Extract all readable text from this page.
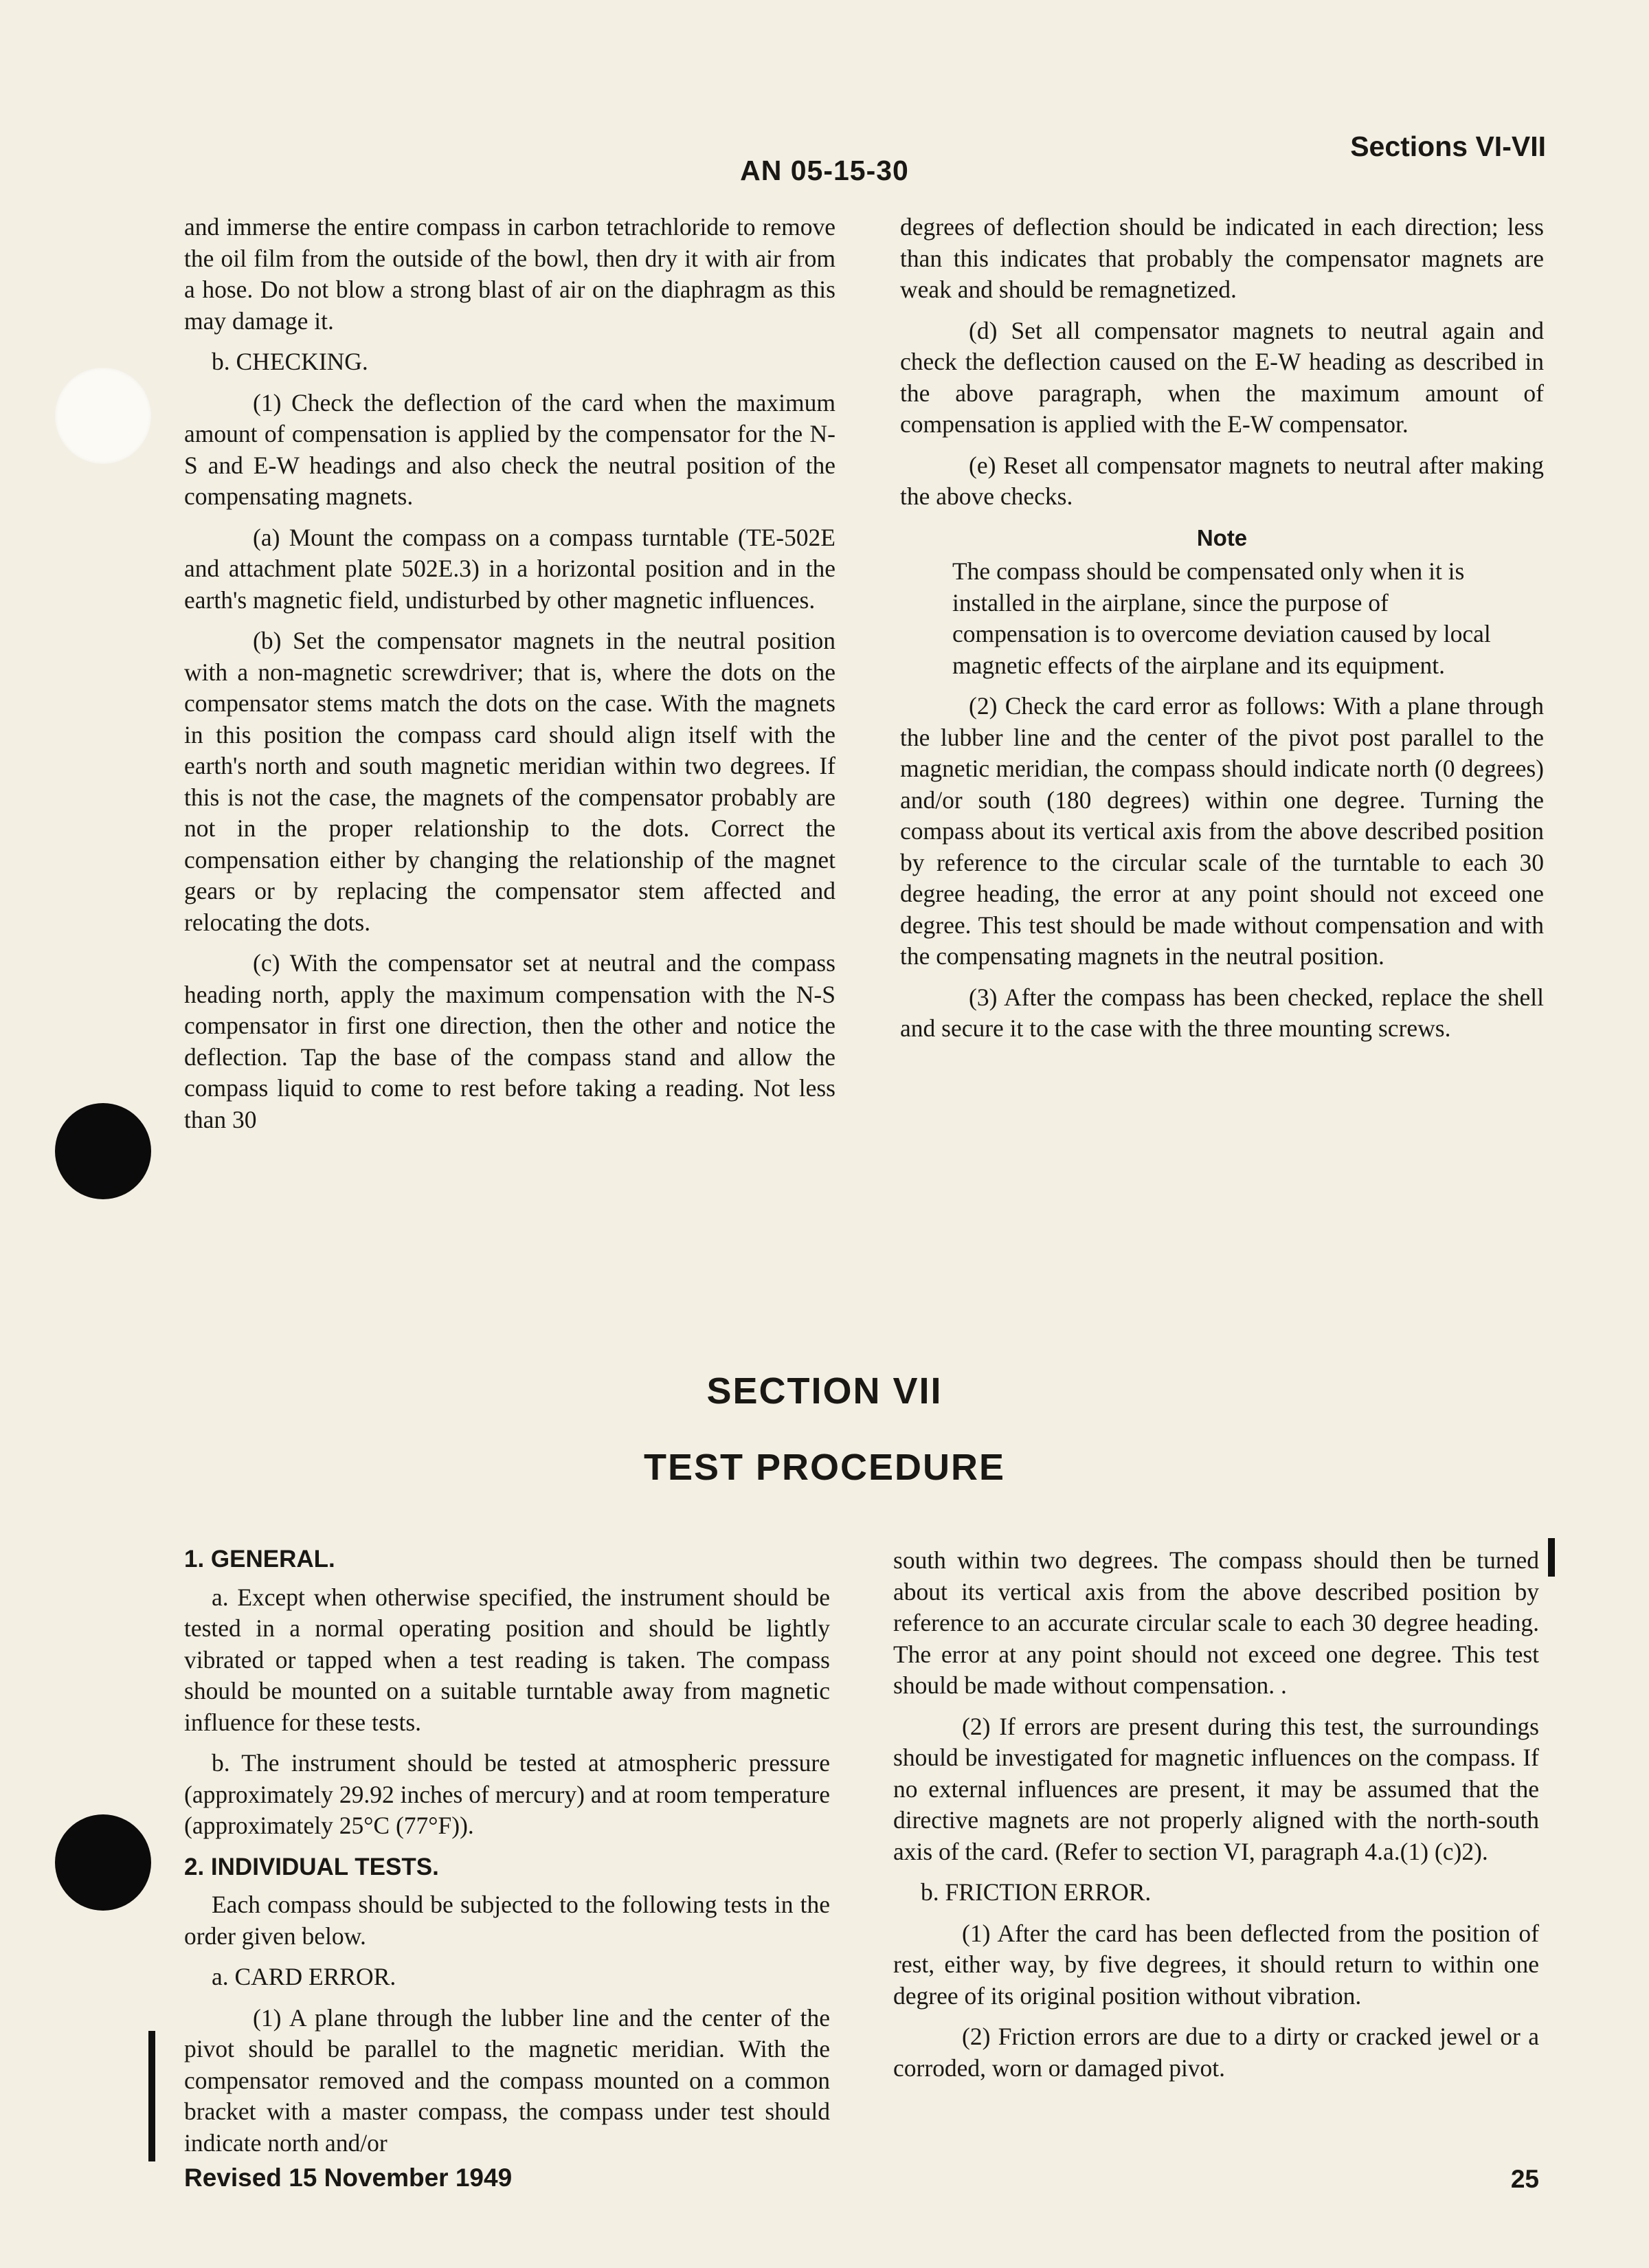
AN 05-15-30
Sections VI-VII

and immerse the entire compass in carbon tetrachloride to remove the oil film from the outside of the bowl, then dry it with air from a hose. Do not blow a strong blast of air on the diaphragm as this may damage it.

b. CHECKING.

(1) Check the deflection of the card when the maximum amount of compensation is applied by the compensator for the N-S and E-W headings and also check the neutral position of the compensating magnets.

(a) Mount the compass on a compass turntable (TE-502E and attachment plate 502E.3) in a horizontal position and in the earth's magnetic field, undisturbed by other magnetic influences.

(b) Set the compensator magnets in the neutral position with a non-magnetic screwdriver; that is, where the dots on the compensator stems match the dots on the case. With the magnets in this position the compass card should align itself with the earth's north and south magnetic meridian within two degrees. If this is not the case, the magnets of the compensator probably are not in the proper relationship to the dots. Correct the compensation either by changing the relationship of the magnet gears or by replacing the compensator stem affected and relocating the dots.

(c) With the compensator set at neutral and the compass heading north, apply the maximum compensation with the N-S compensator in first one direction, then the other and notice the deflection. Tap the base of the compass stand and allow the compass liquid to come to rest before taking a reading. Not less than 30

degrees of deflection should be indicated in each direction; less than this indicates that probably the compensator magnets are weak and should be remagnetized.

(d) Set all compensator magnets to neutral again and check the deflection caused on the E-W heading as described in the above paragraph, when the maximum amount of compensation is applied with the E-W compensator.

(e) Reset all compensator magnets to neutral after making the above checks.

Note

The compass should be compensated only when it is installed in the airplane, since the purpose of compensation is to overcome deviation caused by local magnetic effects of the airplane and its equipment.

(2) Check the card error as follows: With a plane through the lubber line and the center of the pivot post parallel to the magnetic meridian, the compass should indicate north (0 degrees) and/or south (180 degrees) within one degree. Turning the compass about its vertical axis from the above described position by reference to the circular scale of the turntable to each 30 degree heading, the error at any point should not exceed one degree. This test should be made without compensation and with the compensating magnets in the neutral position.

(3) After the compass has been checked, replace the shell and secure it to the case with the three mounting screws.

SECTION VII
TEST PROCEDURE

1. GENERAL.

a. Except when otherwise specified, the instrument should be tested in a normal operating position and should be lightly vibrated or tapped when a test reading is taken. The compass should be mounted on a suitable turntable away from magnetic influence for these tests.

b. The instrument should be tested at atmospheric pressure (approximately 29.92 inches of mercury) and at room temperature (approximately 25°C (77°F)).

2. INDIVIDUAL TESTS.

Each compass should be subjected to the following tests in the order given below.

a. CARD ERROR.

(1) A plane through the lubber line and the center of the pivot should be parallel to the magnetic meridian. With the compensator removed and the compass mounted on a common bracket with a master compass, the compass under test should indicate north and/or

south within two degrees. The compass should then be turned about its vertical axis from the above described position by reference to an accurate circular scale to each 30 degree heading. The error at any point should not exceed one degree. This test should be made without compensation. .

(2) If errors are present during this test, the surroundings should be investigated for magnetic influences on the compass. If no external influences are present, it may be assumed that the directive magnets are not properly aligned with the north-south axis of the card. (Refer to section VI, paragraph 4.a.(1) (c)2).

b. FRICTION ERROR.

(1) After the card has been deflected from the position of rest, either way, by five degrees, it should return to within one degree of its original position without vibration.

(2) Friction errors are due to a dirty or cracked jewel or a corroded, worn or damaged pivot.

Revised 15 November 1949	25
